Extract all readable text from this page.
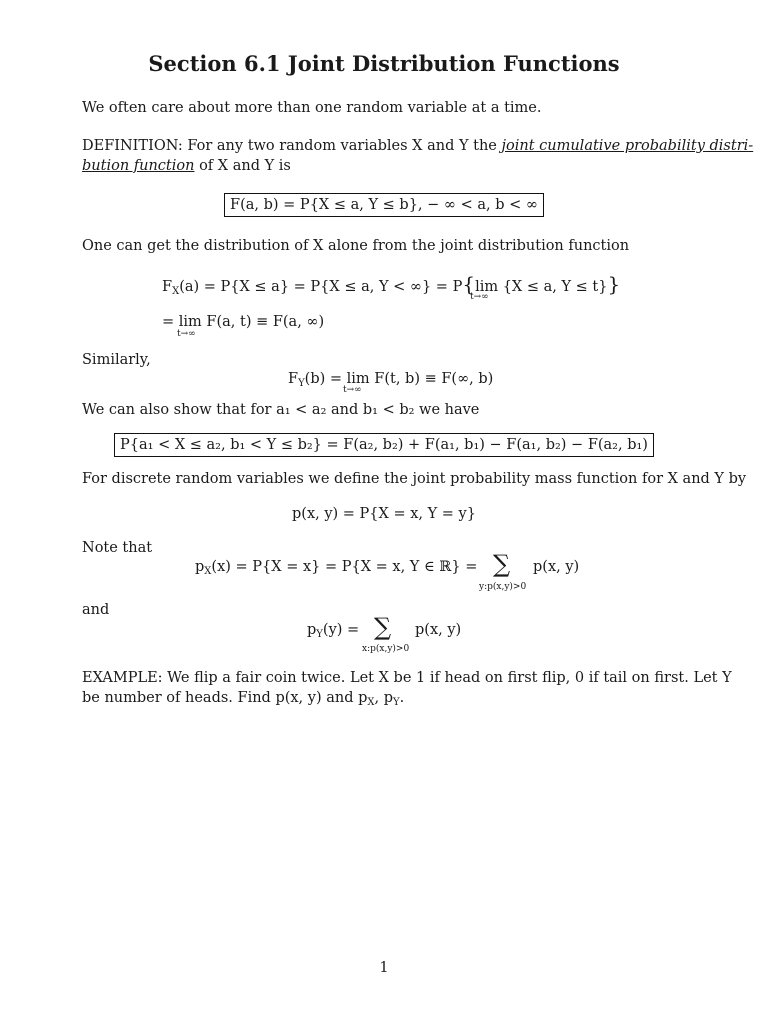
Section 6.1 Joint Distribution Functions
We often care about more than one random variable at a time.
DEFINITION: For any two random variables X and Y the joint cumulative probability distri-
bution function of X and Y is
F(a, b) = P{X ≤ a, Y ≤ b}, − ∞ < a, b < ∞
One can get the distribution of X alone from the joint distribution function
$F_X(a) = P\{X \le a\} = P\{X \le a$, Y < ∞} = P{lim {X ≤ a, Y ≤ t}}
t→∞
= lim F(a, t) ≡ F(a, ∞)
t→∞
Similarly,
$F_Y(b) = \lim F(t$, b) ≡ F(∞, b)
t→∞
We can also show that for a₁ < a₂ and b₁ < b₂ we have
P{a₁ < X ≤ a₂, b₁ < Y ≤ b₂} = F(a₂, b₂) + F(a₁, b₁) − F(a₁, b₂) − F(a₂, b₁)
For discrete random variables we define the joint probability mass function for X and Y by
p(x, y) = P{X = x, Y = y}
Note that
$p_X(x) = P\{X = x\} = P\{X = x$, Y ∈ ℝ} = ∑
y:p(x,y)>0
p(x, y)
and
$p_Y(y)$ = ∑
x:p(x,y)>0
p(x, y)
EXAMPLE: We flip a fair coin twice. Let X be 1 if head on first flip, 0 if tail on first. Let Y
be number of heads. Find p(x, y) and $p_X$, $p_Y$.
1
